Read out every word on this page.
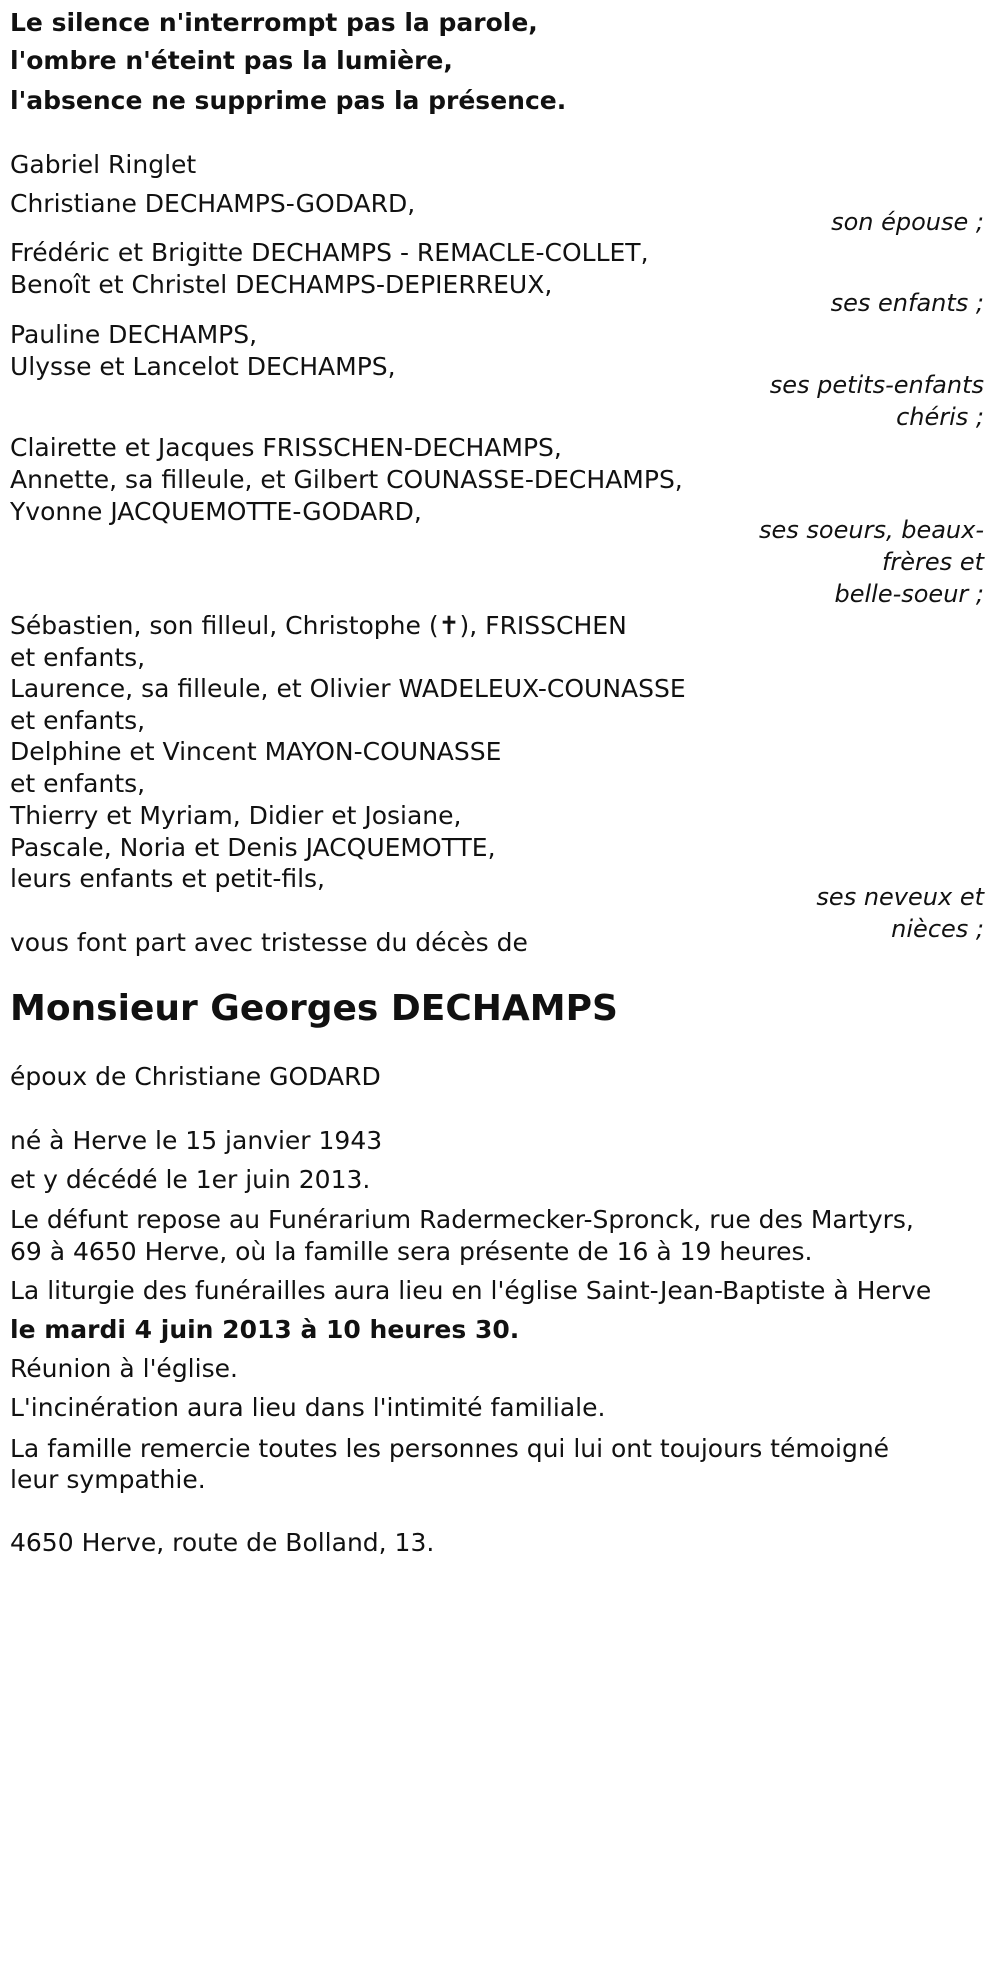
Le silence n'interrompt pas la parole,
l'ombre n'éteint pas la lumière,
l'absence ne supprime pas la présence.
Gabriel Ringlet
Christiane DECHAMPS-GODARD,
son épouse ;
Frédéric et Brigitte DECHAMPS - REMACLE-COLLET,
Benoît et Christel DECHAMPS-DEPIERREUX,
ses enfants ;
Pauline DECHAMPS,
Ulysse et Lancelot DECHAMPS,
ses petits-enfants
chéris ;
Clairette et Jacques FRISSCHEN-DECHAMPS,
Annette, sa filleule, et Gilbert COUNASSE-DECHAMPS,
Yvonne JACQUEMOTTE-GODARD,
ses soeurs, beaux-
frères et
belle-soeur ;
Sébastien, son filleul, Christophe (✝), FRISSCHEN
et enfants,
Laurence, sa filleule, et Olivier WADELEUX-COUNASSE
et enfants,
Delphine et Vincent MAYON-COUNASSE
et enfants,
Thierry et Myriam, Didier et Josiane,
Pascale, Noria et Denis JACQUEMOTTE,
leurs enfants et petit-fils,
ses neveux et
nièces ;
vous font part avec tristesse du décès de
Monsieur Georges DECHAMPS
époux de Christiane GODARD
né à Herve le 15 janvier 1943
et y décédé le 1er juin 2013.
Le défunt repose au Funérarium Radermecker-Spronck, rue des Martyrs,
69 à 4650 Herve, où la famille sera présente de 16 à 19 heures.
La liturgie des funérailles aura lieu en l'église Saint-Jean-Baptiste à Herve
le mardi 4 juin 2013 à 10 heures 30.
Réunion à l'église.
L'incinération aura lieu dans l'intimité familiale.
La famille remercie toutes les personnes qui lui ont toujours témoigné
leur sympathie.
4650 Herve, route de Bolland, 13.
